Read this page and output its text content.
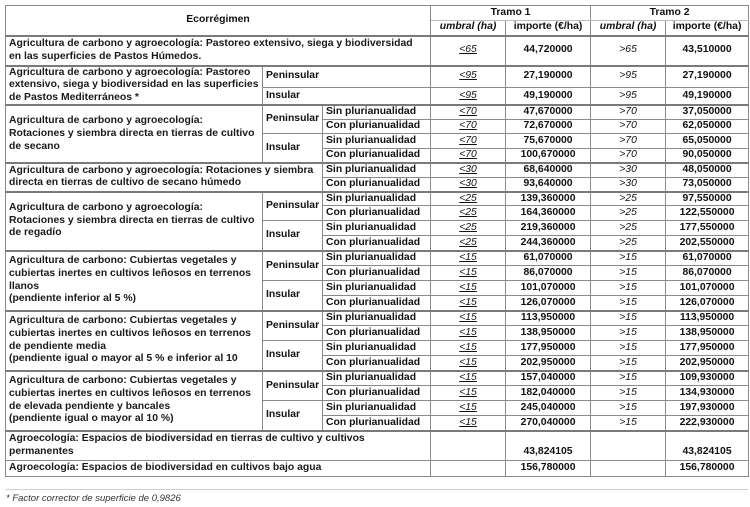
Ecorrégimen			Tramo 1		Tramo 2	
			umbral (ha)	importe (€/ha)	umbral (ha)	importe (€/ha)
Agricultura de carbono y agroecología: Pastoreo extensivo, siega y biodiversidad en las superficies de Pastos Húmedos.			<65	44,720000	>65	43,510000
Agricultura de carbono y agroecología: Pastoreo extensivo, siega y biodiversidad en las superficies de Pastos Mediterráneos *	Peninsular		<95	27,190000	>95	27,190000
	Insular		<95	49,190000	>95	49,190000
Agricultura de carbono y agroecología: Rotaciones y siembra directa en tierras de cultivo de secano	Peninsular	Sin plurianualidad	<70	47,670000	>70	37,050000
		Con plurianualidad	<70	72,670000	>70	62,050000
	Insular	Sin plurianualidad	<70	75,670000	>70	65,050000
		Con plurianualidad	<70	100,670000	>70	90,050000
Agricultura de carbono y agroecología: Rotaciones y siembra directa en tierras de cultivo de secano húmedo		Sin plurianualidad	<30	68,640000	>30	48,050000
		Con plurianualidad	<30	93,640000	>30	73,050000
Agricultura de carbono y agroecología: Rotaciones y siembra directa en tierras de cultivo de regadío	Peninsular	Sin plurianualidad	<25	139,360000	>25	97,550000
		Con plurianualidad	<25	164,360000	>25	122,550000
	Insular	Sin plurianualidad	<25	219,360000	>25	177,550000
		Con plurianualidad	<25	244,360000	>25	202,550000
Agricultura de carbono: Cubiertas vegetales y cubiertas inertes en cultivos leñosos en terrenos llanos
(pendiente inferior al 5 %)	Peninsular	Sin plurianualidad	<15	61,070000	>15	61,070000
		Con plurianualidad	<15	86,070000	>15	86,070000
	Insular	Sin plurianualidad	<15	101,070000	>15	101,070000
		Con plurianualidad	<15	126,070000	>15	126,070000
Agricultura de carbono: Cubiertas vegetales y cubiertas inertes en cultivos leñosos en terrenos de pendiente media
(pendiente igual o mayor al 5 % e inferior al 10	Peninsular	Sin plurianualidad	<15	113,950000	>15	113,950000
		Con plurianualidad	<15	138,950000	>15	138,950000
	Insular	Sin plurianualidad	<15	177,950000	>15	177,950000
		Con plurianualidad	<15	202,950000	>15	202,950000
Agricultura de carbono: Cubiertas vegetales y cubiertas inertes en cultivos leñosos en terrenos de elevada pendiente y bancales
(pendiente igual o mayor al 10 %)	Peninsular	Sin plurianualidad	<15	157,040000	>15	109,930000
		Con plurianualidad	<15	182,040000	>15	134,930000
	Insular	Sin plurianualidad	<15	245,040000	>15	197,930000
		Con plurianualidad	<15	270,040000	>15	222,930000
Agroecología: Espacios de biodiversidad en tierras de cultivo y cultivos permanentes				43,824105		43,824105
Agroecología: Espacios de biodiversidad en cultivos bajo agua				156,780000		156,780000
* Factor corrector de superficie de 0,9826
